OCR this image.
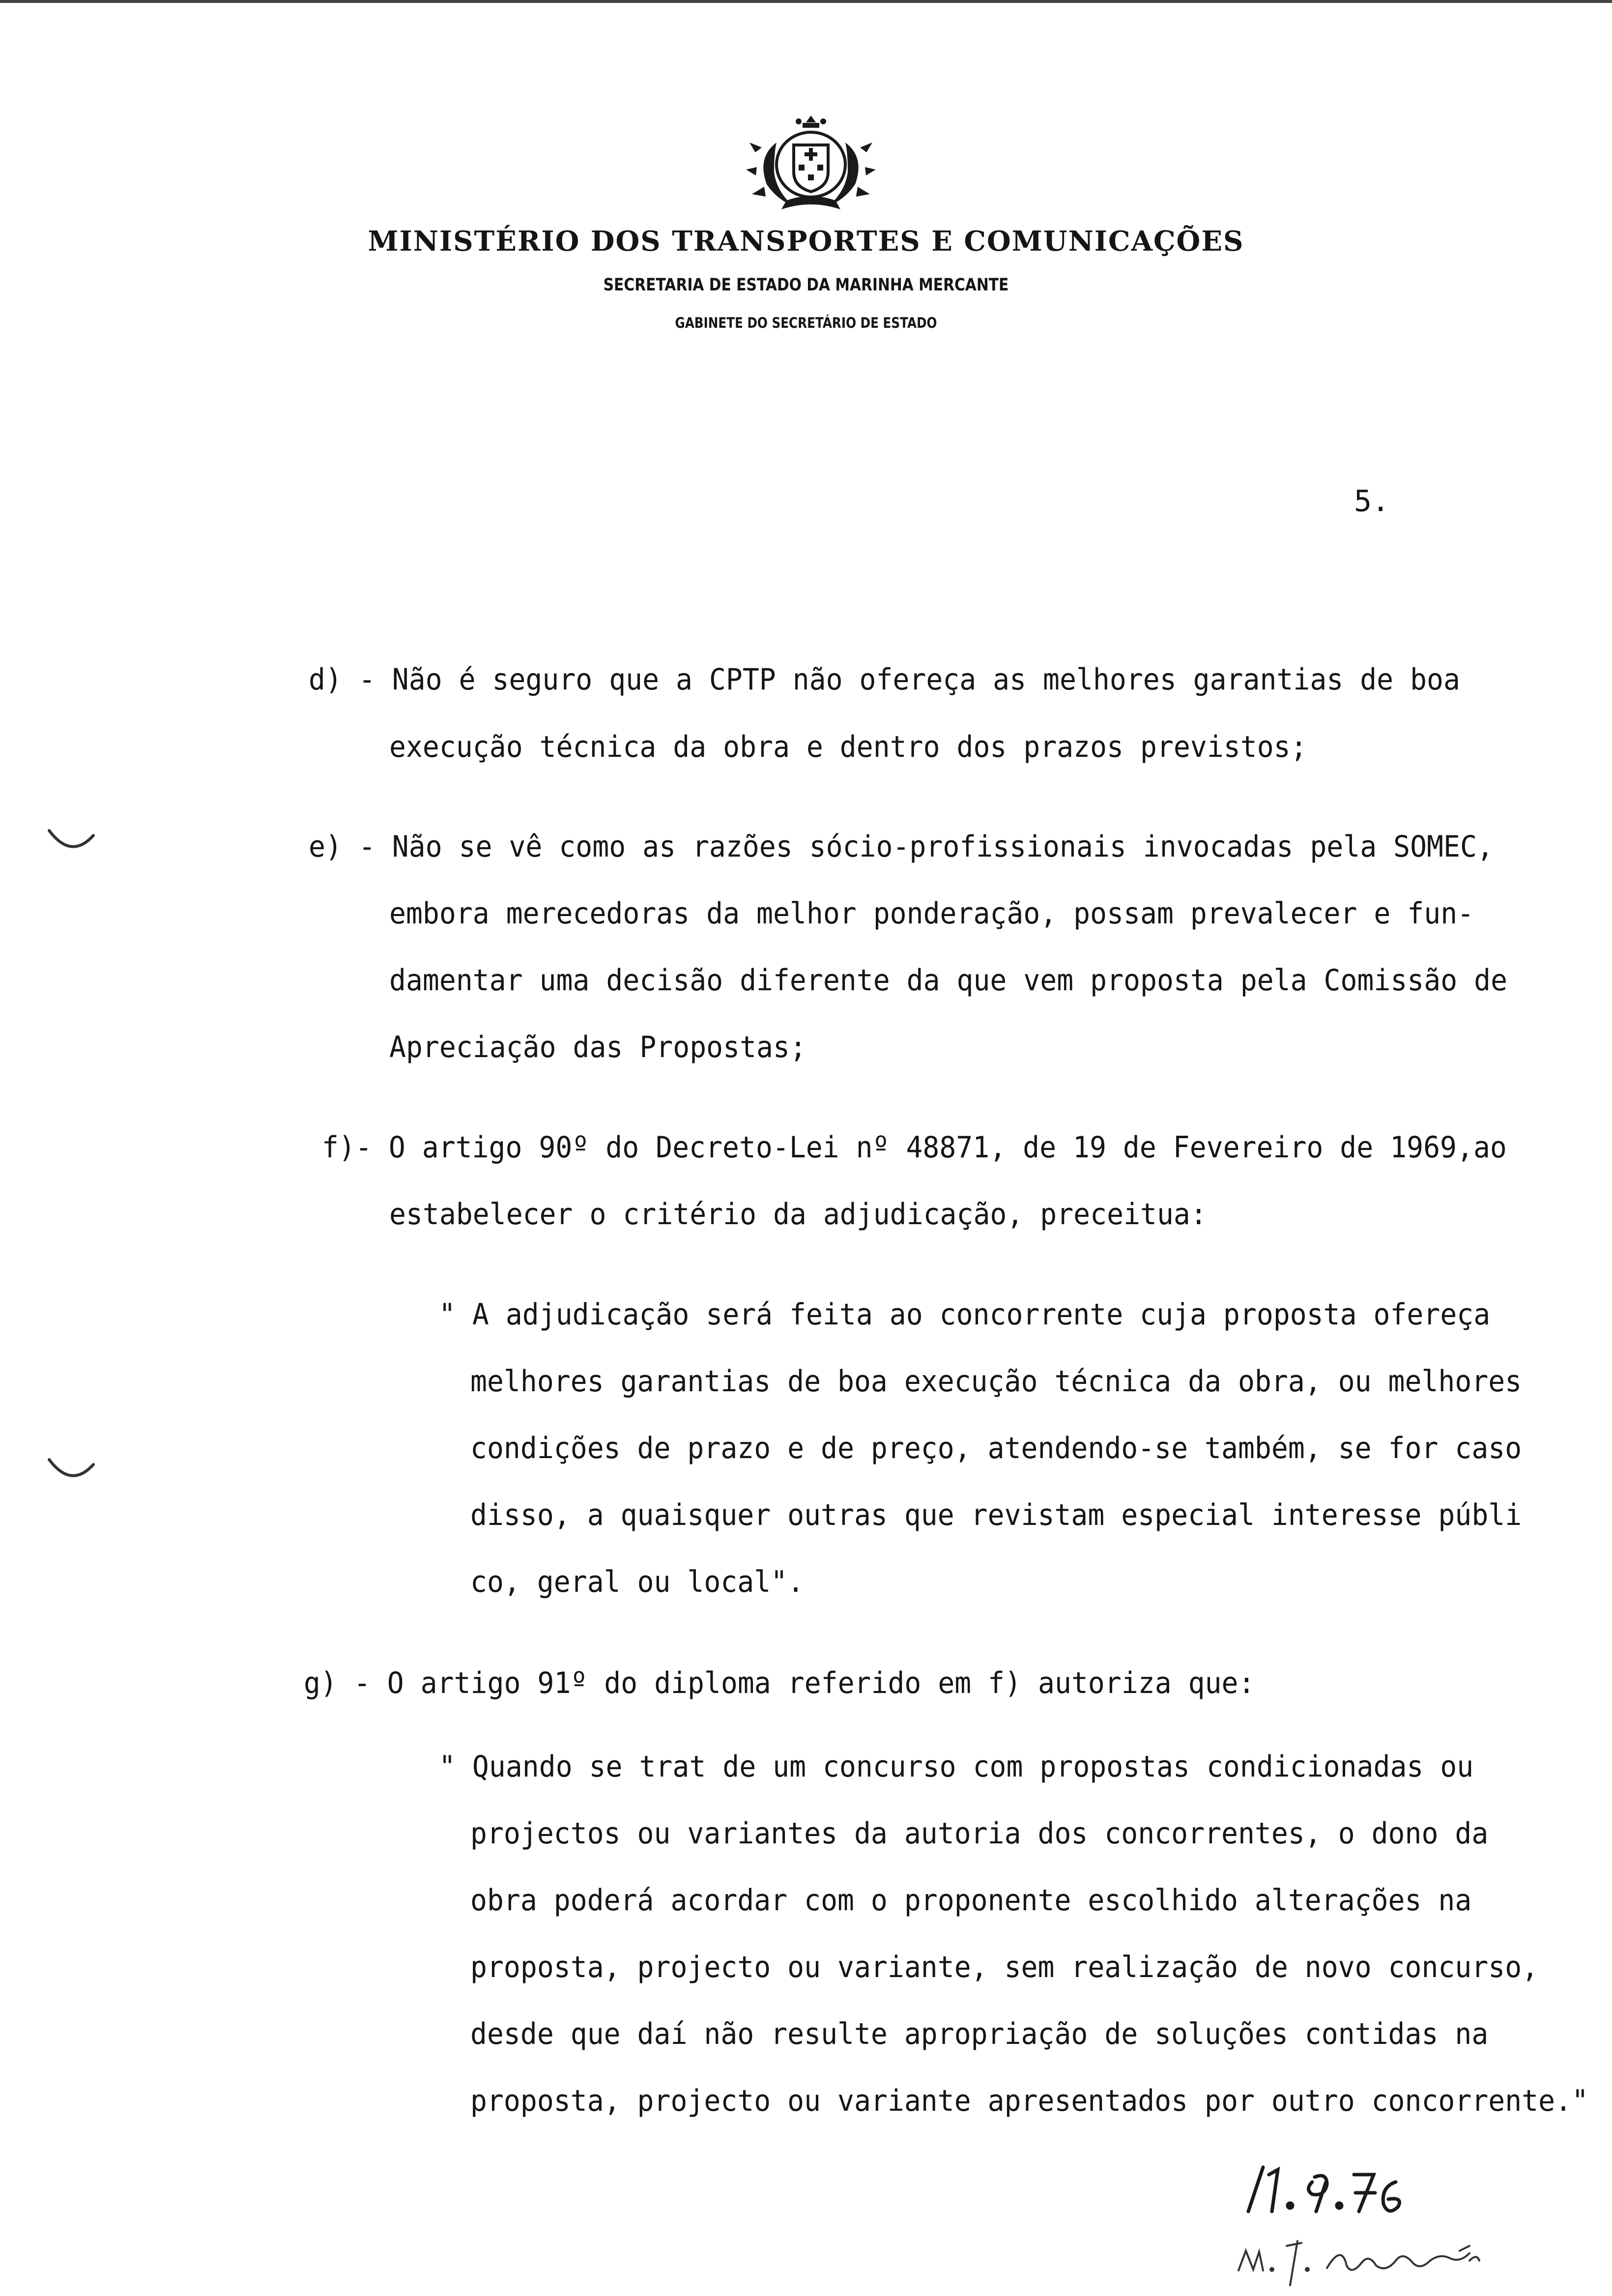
MINISTÉRIO DOS TRANSPORTES E COMUNICAÇÕES
SECRETARIA DE ESTADO DA MARINHA MERCANTE
GABINETE DO SECRETÁRIO DE ESTADO
5.
d) - Não é seguro que a CPTP não ofereça as melhores garantias de boa
execução técnica da obra e dentro dos prazos previstos;
e) - Não se vê como as razões sócio-profissionais invocadas pela SOMEC,
embora merecedoras da melhor ponderação, possam prevalecer e fun-
damentar uma decisão diferente da que vem proposta pela Comissão de
Apreciação das Propostas;
f)- O artigo 90º do Decreto-Lei nº 48871, de 19 de Fevereiro de 1969,ao
estabelecer o critério da adjudicação, preceitua:
" A adjudicação será feita ao concorrente cuja proposta ofereça
melhores garantias de boa execução técnica da obra, ou melhores
condições de prazo e de preço, atendendo-se também, se for caso
disso, a quaisquer outras que revistam especial interesse públi
co, geral ou local".
g) - O artigo 91º do diploma referido em f) autoriza que:
" Quando se trat de um concurso com propostas condicionadas ou
projectos ou variantes da autoria dos concorrentes, o dono da
obra poderá acordar com o proponente escolhido alterações na
proposta, projecto ou variante, sem realização de novo concurso,
desde que daí não resulte apropriação de soluções contidas na
proposta, projecto ou variante apresentados por outro concorrente."
